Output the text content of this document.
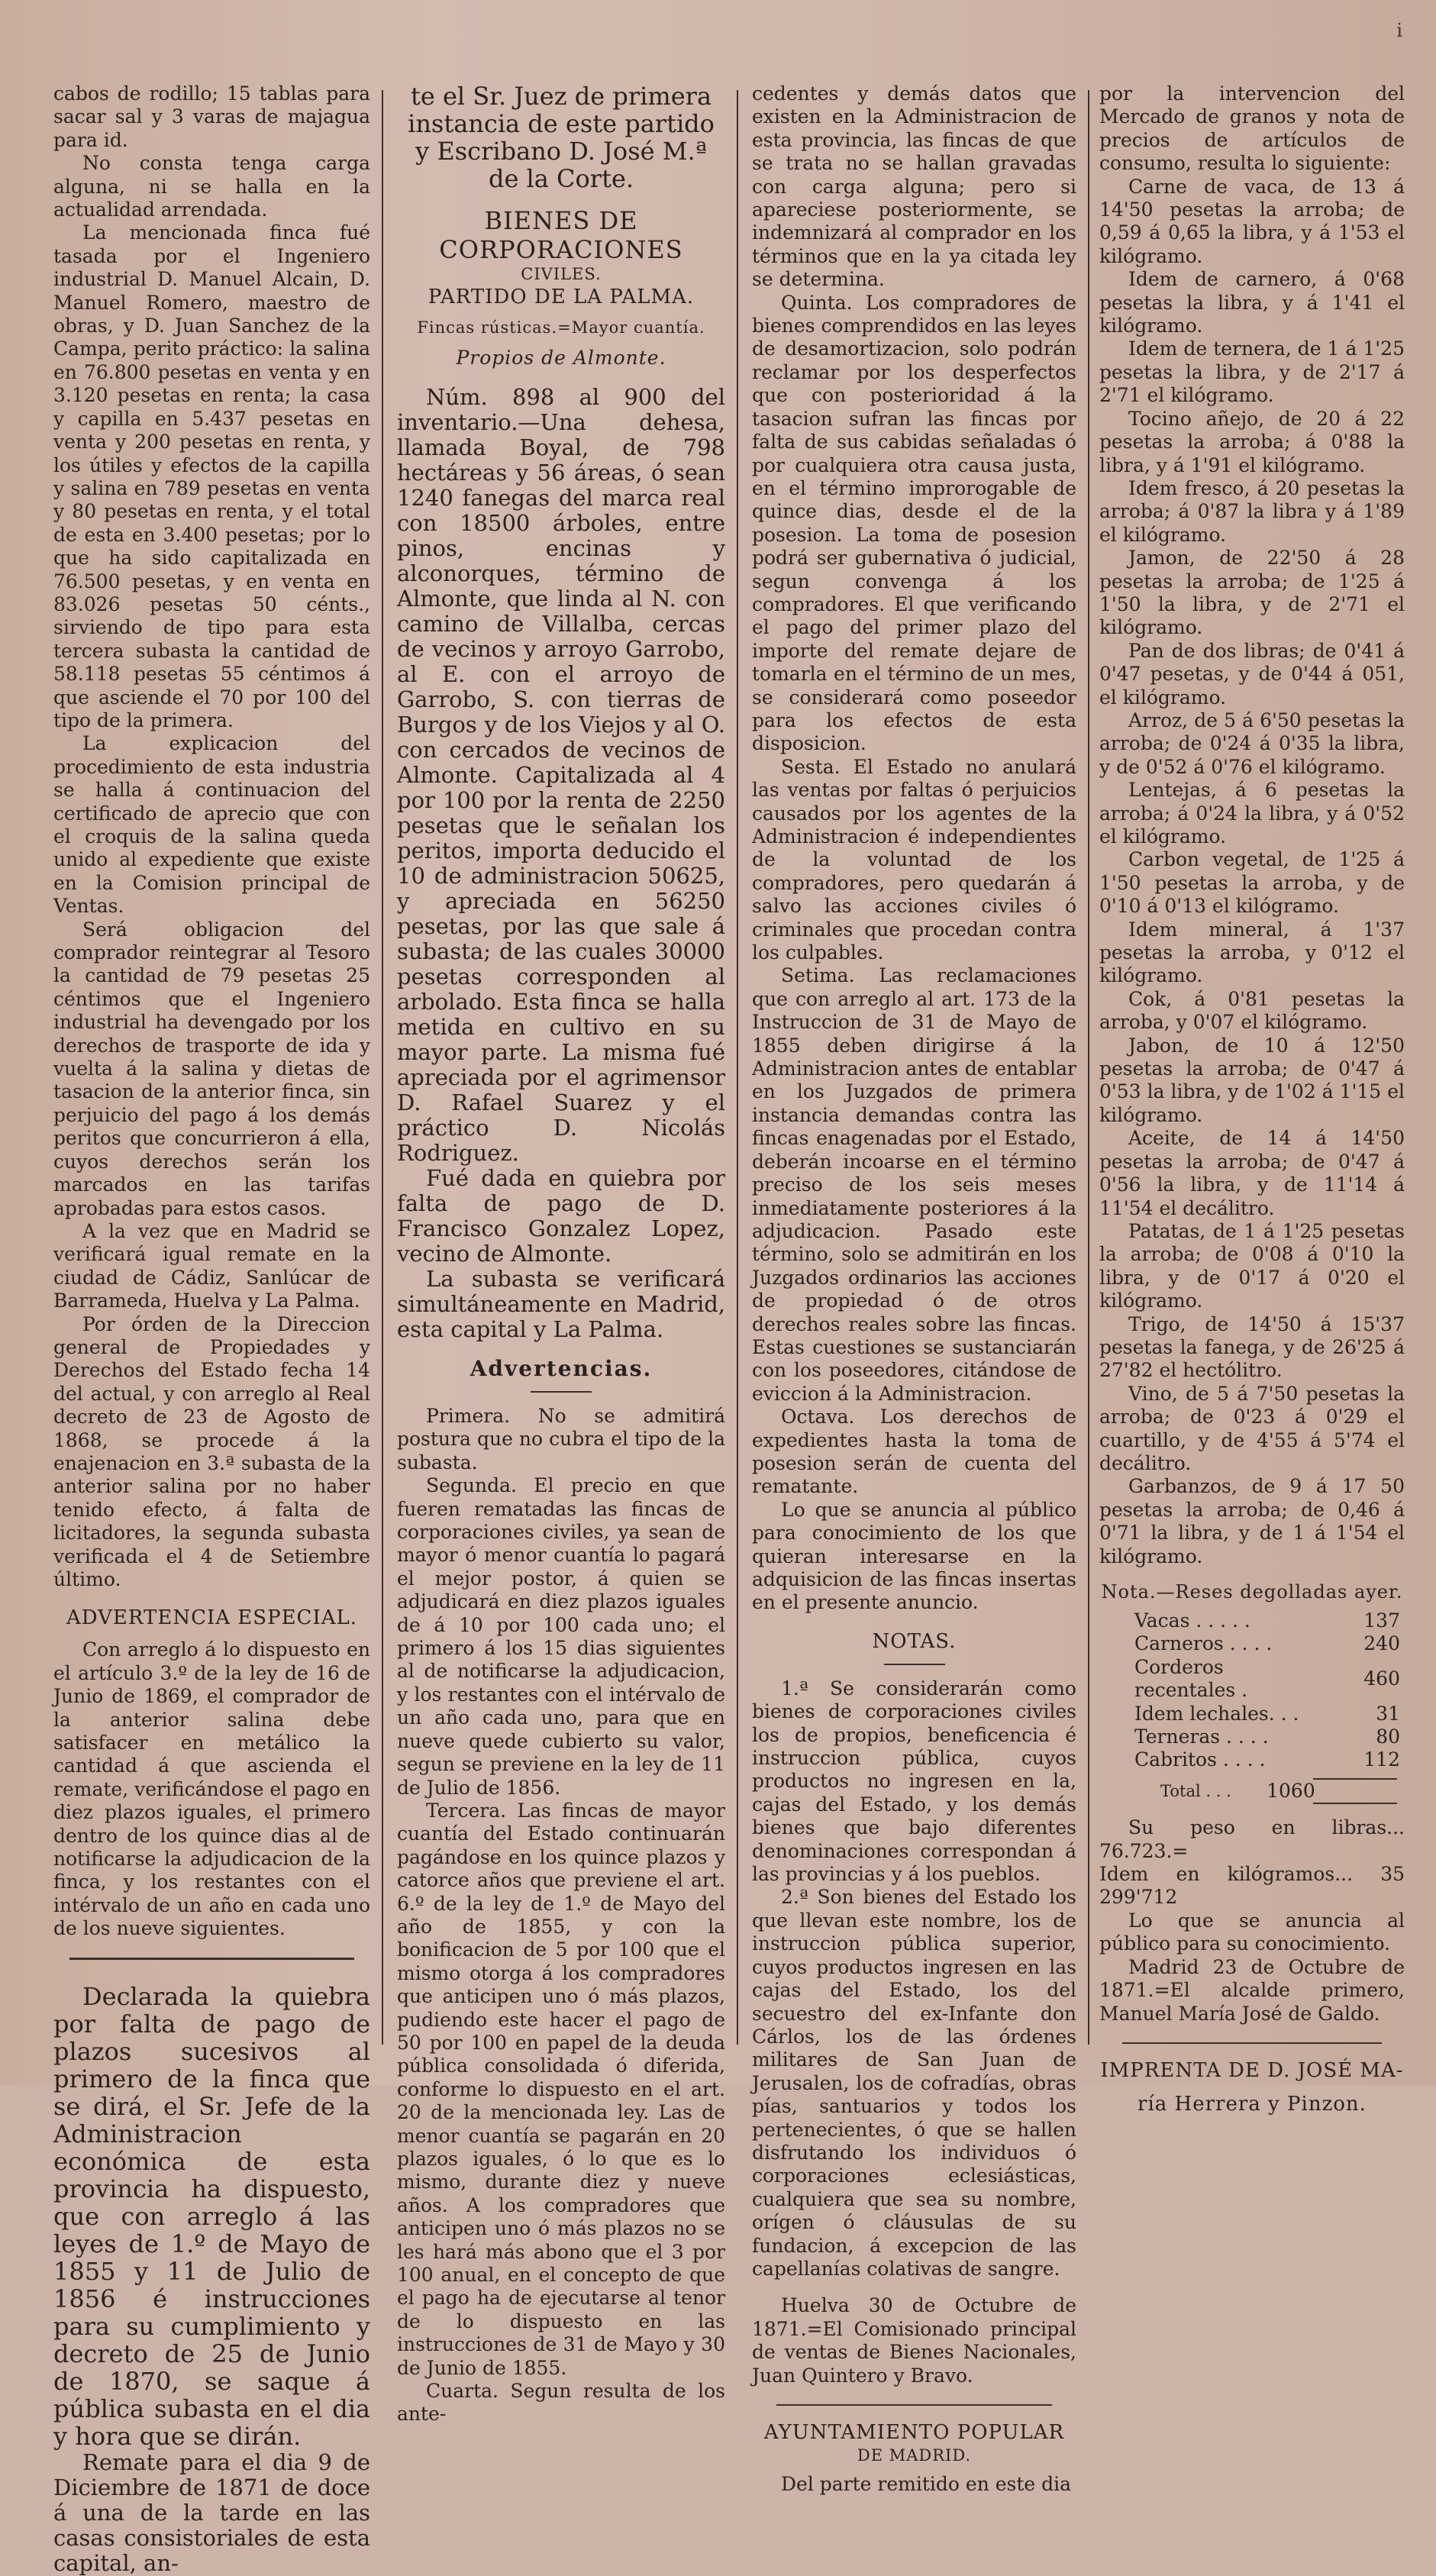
i

cabos de rodillo; 15 tablas para sacar sal y 3 varas de majagua para id.

No consta tenga carga alguna, ni se halla en la actualidad arrendada.

La mencionada finca fué tasada por el Ingeniero industrial D. Manuel Alcain, D. Manuel Romero, maestro de obras, y D. Juan Sanchez de la Campa, perito práctico: la salina en 76.800 pesetas en venta y en 3.120 pesetas en renta; la casa y capilla en 5.437 pesetas en venta y 200 pesetas en renta, y los útiles y efectos de la capilla y salina en 789 pesetas en venta y 80 pesetas en renta, y el total de esta en 3.400 pesetas; por lo que ha sido capitalizada en 76.500 pesetas, y en venta en 83.026 pesetas 50 cénts., sirviendo de tipo para esta tercera subasta la cantidad de 58.118 pesetas 55 céntimos á que asciende el 70 por 100 del tipo de la primera.

La explicacion del procedimiento de esta industria se halla á continuacion del certificado de aprecio que con el croquis de la salina queda unido al expediente que existe en la Comision principal de Ventas.

Será obligacion del comprador reintegrar al Tesoro la cantidad de 79 pesetas 25 céntimos que el Ingeniero industrial ha devengado por los derechos de trasporte de ida y vuelta á la salina y dietas de tasacion de la anterior finca, sin perjuicio del pago á los demás peritos que concurrieron á ella, cuyos derechos serán los marcados en las tarifas aprobadas para estos casos.

A la vez que en Madrid se verificará igual remate en la ciudad de Cádiz, Sanlúcar de Barrameda, Huelva y La Palma.

Por órden de la Direccion general de Propiedades y Derechos del Estado fecha 14 del actual, y con arreglo al Real decreto de 23 de Agosto de 1868, se procede á la enajenacion en 3.ª subasta de la anterior salina por no haber tenido efecto, á falta de licitadores, la segunda subasta verificada el 4 de Setiembre último.

ADVERTENCIA ESPECIAL.

Con arreglo á lo dispuesto en el artículo 3.º de la ley de 16 de Junio de 1869, el comprador de la anterior salina debe satisfacer en metálico la cantidad á que ascienda el remate, verificándose el pago en diez plazos iguales, el primero dentro de los quince dias al de notificarse la adjudicacion de la finca, y los restantes con el intérvalo de un año en cada uno de los nueve siguientes.

Declarada la quiebra por falta de pago de plazos sucesivos al primero de la finca que se dirá, el Sr. Jefe de la Administracion económica de esta provincia ha dispuesto, que con arreglo á las leyes de 1.º de Mayo de 1855 y 11 de Julio de 1856 é instrucciones para su cumplimiento y decreto de 25 de Junio de 1870, se saque á pública subasta en el dia y hora que se dirán.

Remate para el dia 9 de Diciembre de 1871 de doce á una de la tarde en las casas consistoriales de esta capital, an-

te el Sr. Juez de primera instancia de este partido y Escribano D. José M.ª de la Corte.

BIENES DE CORPORACIONES
CIVILES.
PARTIDO DE LA PALMA.
Fincas rústicas.=Mayor cuantía.
Propios de Almonte.

Núm. 898 al 900 del inventario.—Una dehesa, llamada Boyal, de 798 hectáreas y 56 áreas, ó sean 1240 fanegas del marca real con 18500 árboles, entre pinos, encinas y alconorques, término de Almonte, que linda al N. con camino de Villalba, cercas de vecinos y arroyo Garrobo, al E. con el arroyo de Garrobo, S. con tierras de Burgos y de los Viejos y al O. con cercados de vecinos de Almonte. Capitalizada al 4 por 100 por la renta de 2250 pesetas que le señalan los peritos, importa deducido el 10 de administracion 50625, y apreciada en 56250 pesetas, por las que sale á subasta; de las cuales 30000 pesetas corresponden al arbolado. Esta finca se halla metida en cultivo en su mayor parte. La misma fué apreciada por el agrimensor D. Rafael Suarez y el práctico D. Nicolás Rodriguez.

Fué dada en quiebra por falta de pago de D. Francisco Gonzalez Lopez, vecino de Almonte.

La subasta se verificará simultáneamente en Madrid, esta capital y La Palma.

Advertencias.

Primera. No se admitirá postura que no cubra el tipo de la subasta.

Segunda. El precio en que fueren rematadas las fincas de corporaciones civiles, ya sean de mayor ó menor cuantía lo pagará el mejor postor, á quien se adjudicará en diez plazos iguales de á 10 por 100 cada uno; el primero á los 15 dias siguientes al de notificarse la adjudicacion, y los restantes con el intérvalo de un año cada uno, para que en nueve quede cubierto su valor, segun se previene en la ley de 11 de Julio de 1856.

Tercera. Las fincas de mayor cuantía del Estado continuarán pagándose en los quince plazos y catorce años que previene el art. 6.º de la ley de 1.º de Mayo del año de 1855, y con la bonificacion de 5 por 100 que el mismo otorga á los compradores que anticipen uno ó más plazos, pudiendo este hacer el pago de 50 por 100 en papel de la deuda pública consolidada ó diferida, conforme lo dispuesto en el art. 20 de la mencionada ley. Las de menor cuantía se pagarán en 20 plazos iguales, ó lo que es lo mismo, durante diez y nueve años. A los compradores que anticipen uno ó más plazos no se les hará más abono que el 3 por 100 anual, en el concepto de que el pago ha de ejecutarse al tenor de lo dispuesto en las instrucciones de 31 de Mayo y 30 de Junio de 1855.

Cuarta. Segun resulta de los ante-

cedentes y demás datos que existen en la Administracion de esta provincia, las fincas de que se trata no se hallan gravadas con carga alguna; pero si apareciese posteriormente, se indemnizará al comprador en los términos que en la ya citada ley se determina.

Quinta. Los compradores de bienes comprendidos en las leyes de desamortizacion, solo podrán reclamar por los desperfectos que con posterioridad á la tasacion sufran las fincas por falta de sus cabidas señaladas ó por cualquiera otra causa justa, en el término improrogable de quince dias, desde el de la posesion. La toma de posesion podrá ser gubernativa ó judicial, segun convenga á los compradores. El que verificando el pago del primer plazo del importe del remate dejare de tomarla en el término de un mes, se considerará como poseedor para los efectos de esta disposicion.

Sesta. El Estado no anulará las ventas por faltas ó perjuicios causados por los agentes de la Administracion é independientes de la voluntad de los compradores, pero quedarán á salvo las acciones civiles ó criminales que procedan contra los culpables.

Setima. Las reclamaciones que con arreglo al art. 173 de la Instruccion de 31 de Mayo de 1855 deben dirigirse á la Administracion antes de entablar en los Juzgados de primera instancia demandas contra las fincas enagenadas por el Estado, deberán incoarse en el término preciso de los seis meses inmediatamente posteriores á la adjudicacion. Pasado este término, solo se admitirán en los Juzgados ordinarios las acciones de propiedad ó de otros derechos reales sobre las fincas. Estas cuestiones se sustanciarán con los poseedores, citándose de eviccion á la Administracion.

Octava. Los derechos de expedientes hasta la toma de posesion serán de cuenta del rematante.

Lo que se anuncia al público para conocimiento de los que quieran interesarse en la adquisicion de las fincas insertas en el presente anuncio.

NOTAS.

1.ª Se considerarán como bienes de corporaciones civiles los de propios, beneficencia é instruccion pública, cuyos productos no ingresen en la, cajas del Estado, y los demás bienes que bajo diferentes denominaciones correspondan á las provincias y á los pueblos.

2.ª Son bienes del Estado los que llevan este nombre, los de instruccion pública superior, cuyos productos ingresen en las cajas del Estado, los del secuestro del ex-Infante don Cárlos, los de las órdenes militares de San Juan de Jerusalen, los de cofradías, obras pías, santuarios y todos los pertenecientes, ó que se hallen disfrutando los individuos ó corporaciones eclesiásticas, cualquiera que sea su nombre, orígen ó cláusulas de su fundacion, á excepcion de las capellanías colativas de sangre.

Huelva 30 de Octubre de 1871.=El Comisionado principal de ventas de Bienes Nacionales, Juan Quintero y Bravo.

AYUNTAMIENTO POPULAR
DE MADRID.

Del parte remitido en este dia

por la intervencion del Mercado de granos y nota de precios de artículos de consumo, resulta lo siguiente:

Carne de vaca, de 13 á 14'50 pesetas la arroba; de 0,59 á 0,65 la libra, y á 1'53 el kilógramo.

Idem de carnero, á 0'68 pesetas la libra, y á 1'41 el kilógramo.

Idem de ternera, de 1 á 1'25 pesetas la libra, y de 2'17 á 2'71 el kilógramo.

Tocino añejo, de 20 á 22 pesetas la arroba; á 0'88 la libra, y á 1'91 el kilógramo.

Idem fresco, á 20 pesetas la arroba; á 0'87 la libra y á 1'89 el kilógramo.

Jamon, de 22'50 á 28 pesetas la arroba; de 1'25 á 1'50 la libra, y de 2'71 el kilógramo.

Pan de dos libras; de 0'41 á 0'47 pesetas, y de 0'44 á 051, el kilógramo.

Arroz, de 5 á 6'50 pesetas la arroba; de 0'24 á 0'35 la libra, y de 0'52 á 0'76 el kilógramo.

Lentejas, á 6 pesetas la arroba; á 0'24 la libra, y á 0'52 el kilógramo.

Carbon vegetal, de 1'25 á 1'50 pesetas la arroba, y de 0'10 á 0'13 el kilógramo.

Idem mineral, á 1'37 pesetas la arroba, y 0'12 el kilógramo.

Cok, á 0'81 pesetas la arroba, y 0'07 el kilógramo.

Jabon, de 10 á 12'50 pesetas la arroba; de 0'47 á 0'53 la libra, y de 1'02 á 1'15 el kilógramo.

Aceite, de 14 á 14'50 pesetas la arroba; de 0'47 á 0'56 la libra, y de 11'14 á 11'54 el decálitro.

Patatas, de 1 á 1'25 pesetas la arroba; de 0'08 á 0'10 la libra, y de 0'17 á 0'20 el kilógramo.

Trigo, de 14'50 á 15'37 pesetas la fanega, y de 26'25 á 27'82 el hectólitro.

Vino, de 5 á 7'50 pesetas la arroba; de 0'23 á 0'29 el cuartillo, y de 4'55 á 5'74 el decálitro.

Garbanzos, de 9 á 17 50 pesetas la arroba; de 0,46 á 0'71 la libra, y de 1 á 1'54 el kilógramo.

Nota.—Reses degolladas ayer.
Vacas . . . . .	137
Carneros . . . .	240
Corderos recentales .	460
Idem lechales. . .	31
Terneras . . . .	80
Cabritos . . . .	112
Total . . .	1060

Su peso en libras... 76.723.=

Idem en kilógramos... 35 299'712

Lo que se anuncia al público para su conocimiento.

Madrid 23 de Octubre de 1871.=El alcalde primero, Manuel María José de Galdo.

IMPRENTA DE D. JOSÉ MA-
ría Herrera y Pinzon.
